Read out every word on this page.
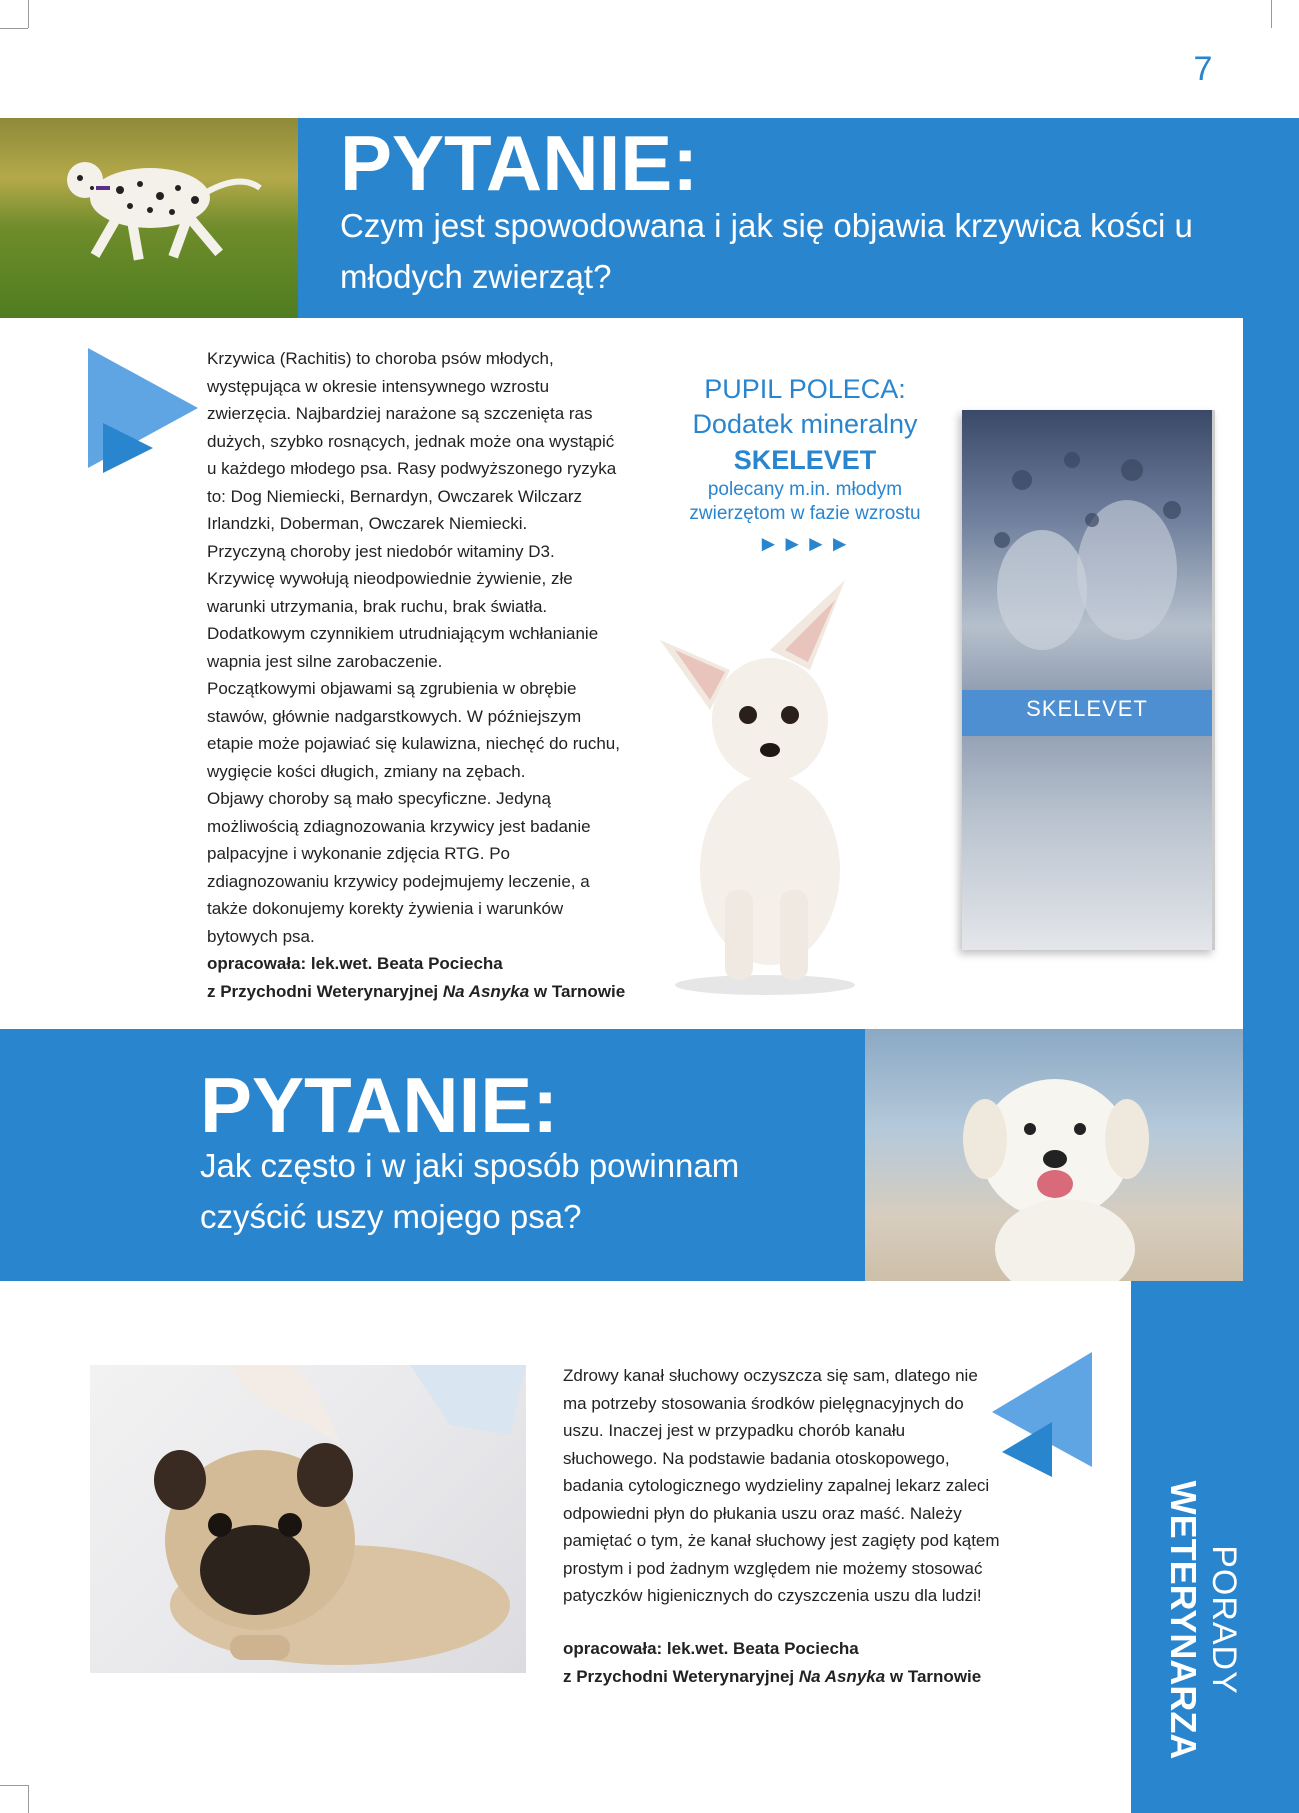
7
PORADY
WETERYNARZA
PYTANIE:
Czym jest spowodowana i jak się objawia krzywica kości u młodych zwierząt?

Krzywica (Rachitis) to choroba psów młodych, występująca w okresie intensywnego wzrostu zwierzęcia. Najbardziej narażone są szczenięta ras dużych, szybko rosnących, jednak może ona wystąpić u każdego młodego psa. Rasy podwyższonego ryzyka to: Dog Niemiecki, Bernardyn, Owczarek Wilczarz Irlandzki, Doberman, Owczarek Niemiecki.

Przyczyną choroby jest niedobór witaminy D3. Krzywicę wywołują nieodpowiednie żywienie, złe warunki utrzymania, brak ruchu, brak światła. Dodatkowym czynnikiem utrudniającym wchłanianie wapnia jest silne zarobaczenie.

Początkowymi objawami są zgrubienia w obrębie stawów, głównie nadgarstkowych. W późniejszym etapie może pojawiać się kulawizna, niechęć do ruchu, wygięcie kości długich, zmiany na zębach.

Objawy choroby są mało specyficzne. Jedyną możliwością zdiagnozowania krzywicy jest badanie palpacyjne i wykonanie zdjęcia RTG. Po zdiagnozowaniu krzywicy podejmujemy leczenie, a także dokonujemy korekty żywienia i warunków bytowych psa.

opracowała: lek.wet. Beata Pociecha
z Przychodni Weterynaryjnej Na Asnyka w Tarnowie
PUPIL POLECA:
Dodatek mineralny
SKELEVET
polecany m.in. młodym
zwierzętom w fazie wzrostu
►►►►
SKELEVET
PYTANIE:
Jak często i w jaki sposób powinnam czyścić uszy mojego psa?

Zdrowy kanał słuchowy oczyszcza się sam, dlatego nie ma potrzeby stosowania środków pielęgnacyjnych do uszu. Inaczej jest w przypadku chorób kanału słuchowego. Na podstawie badania otoskopowego, badania cytologicznego wydzieliny zapalnej lekarz zaleci odpowiedni płyn do płukania uszu oraz maść. Należy pamiętać o tym, że kanał słuchowy jest zagięty pod kątem prostym i pod żadnym względem nie możemy stosować patyczków higienicznych do czyszczenia uszu dla ludzi!

opracowała: lek.wet. Beata Pociecha
z Przychodni Weterynaryjnej Na Asnyka w Tarnowie
